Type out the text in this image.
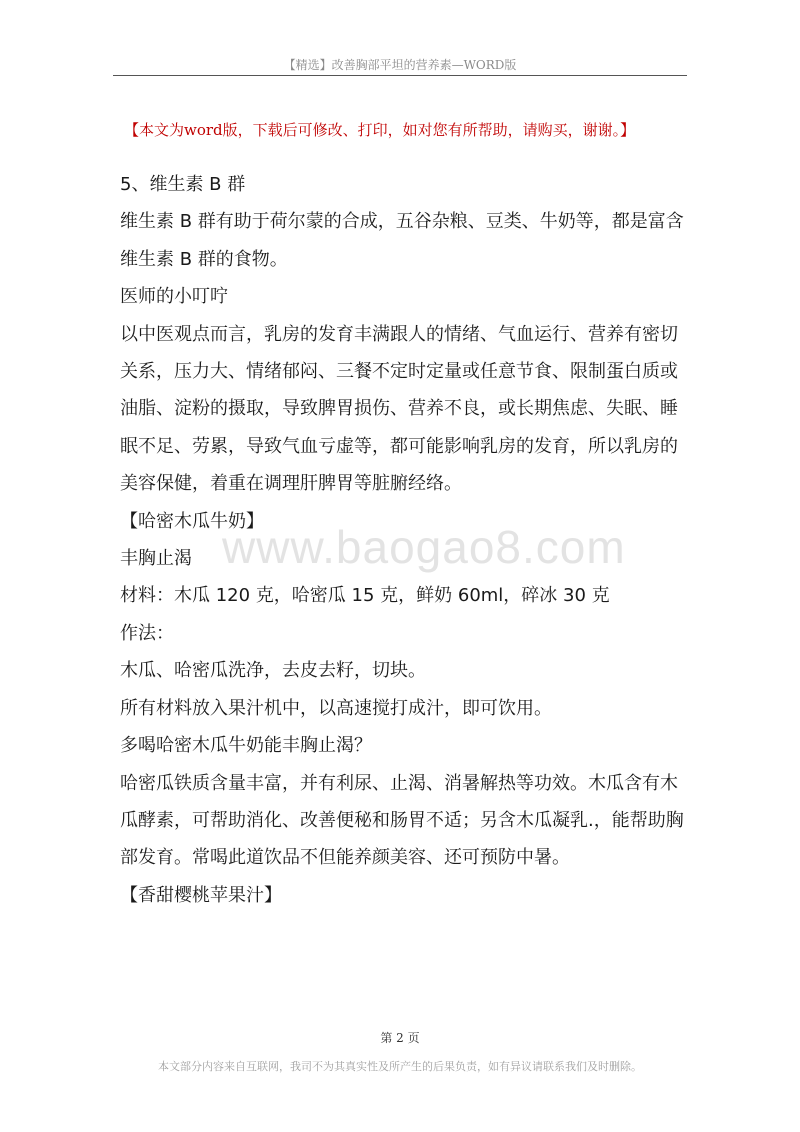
【精选】改善胸部平坦的营养素—WORD版
【本文为word版，下载后可修改、打印，如对您有所帮助，请购买，谢谢。】
www.baogao8.com

5、维生素 B 群

维生素 B 群有助于荷尔蒙的合成，五谷杂粮、豆类、牛奶等，都是富含维生素 B 群的食物。

医师的小叮咛

以中医观点而言，乳房的发育丰满跟人的情绪、气血运行、营养有密切关系，压力大、情绪郁闷、三餐不定时定量或任意节食、限制蛋白质或油脂、淀粉的摄取，导致脾胃损伤、营养不良，或长期焦虑、失眠、睡眠不足、劳累，导致气血亏虚等，都可能影响乳房的发育，所以乳房的美容保健，着重在调理肝脾胃等脏腑经络。

【哈密木瓜牛奶】

丰胸止渴

材料：木瓜 120 克，哈密瓜 15 克，鲜奶 60ml，碎冰 30 克

作法：

木瓜、哈密瓜洗净，去皮去籽，切块。

所有材料放入果汁机中，以高速搅打成汁，即可饮用。

多喝哈密木瓜牛奶能丰胸止渴？

哈密瓜铁质含量丰富，并有利尿、止渴、消暑解热等功效。木瓜含有木瓜酵素，可帮助消化、改善便秘和肠胃不适；另含木瓜凝乳.，能帮助胸部发育。常喝此道饮品不但能养颜美容、还可预防中暑。

【香甜樱桃苹果汁】

第 2 页
本文部分内容来自互联网，我司不为其真实性及所产生的后果负责，如有异议请联系我们及时删除。
